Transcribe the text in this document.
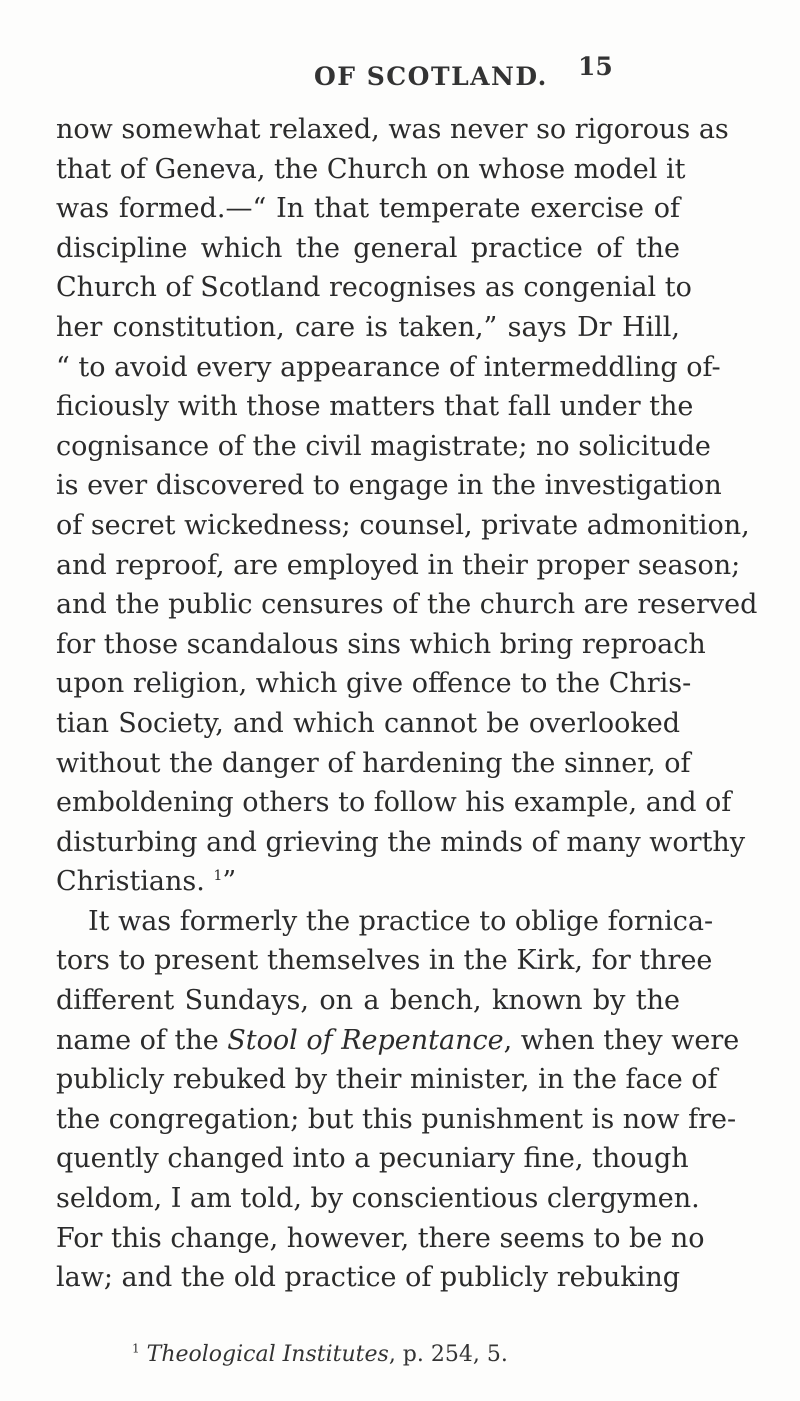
OF SCOTLAND. 15
now somewhat relaxed, was never so rigorous as
that of Geneva, the Church on whose model it
was formed.—“ In that temperate exercise of
discipline which the general practice of the
Church of Scotland recognises as congenial to
her constitution, care is taken,” says Dr Hill,
“ to avoid every appearance of intermeddling of-
ficiously with those matters that fall under the
cognisance of the civil magistrate; no solicitude
is ever discovered to engage in the investigation
of secret wickedness; counsel, private admonition,
and reproof, are employed in their proper season;
and the public censures of the church are reserved
for those scandalous sins which bring reproach
upon religion, which give offence to the Chris-
tian Society, and which cannot be overlooked
without the danger of hardening the sinner, of
emboldening others to follow his example, and of
disturbing and grieving the minds of many worthy
Christians. $^1$”
It was formerly the practice to oblige fornica-
tors to present themselves in the Kirk, for three
different Sundays, on a bench, known by the
name of the Stool of Repentance, when they were
publicly rebuked by their minister, in the face of
the congregation; but this punishment is now fre-
quently changed into a pecuniary fine, though
seldom, I am told, by conscientious clergymen.
For this change, however, there seems to be no
law; and the old practice of publicly rebuking
$^1$ Theological Institutes, p. 254, 5.
